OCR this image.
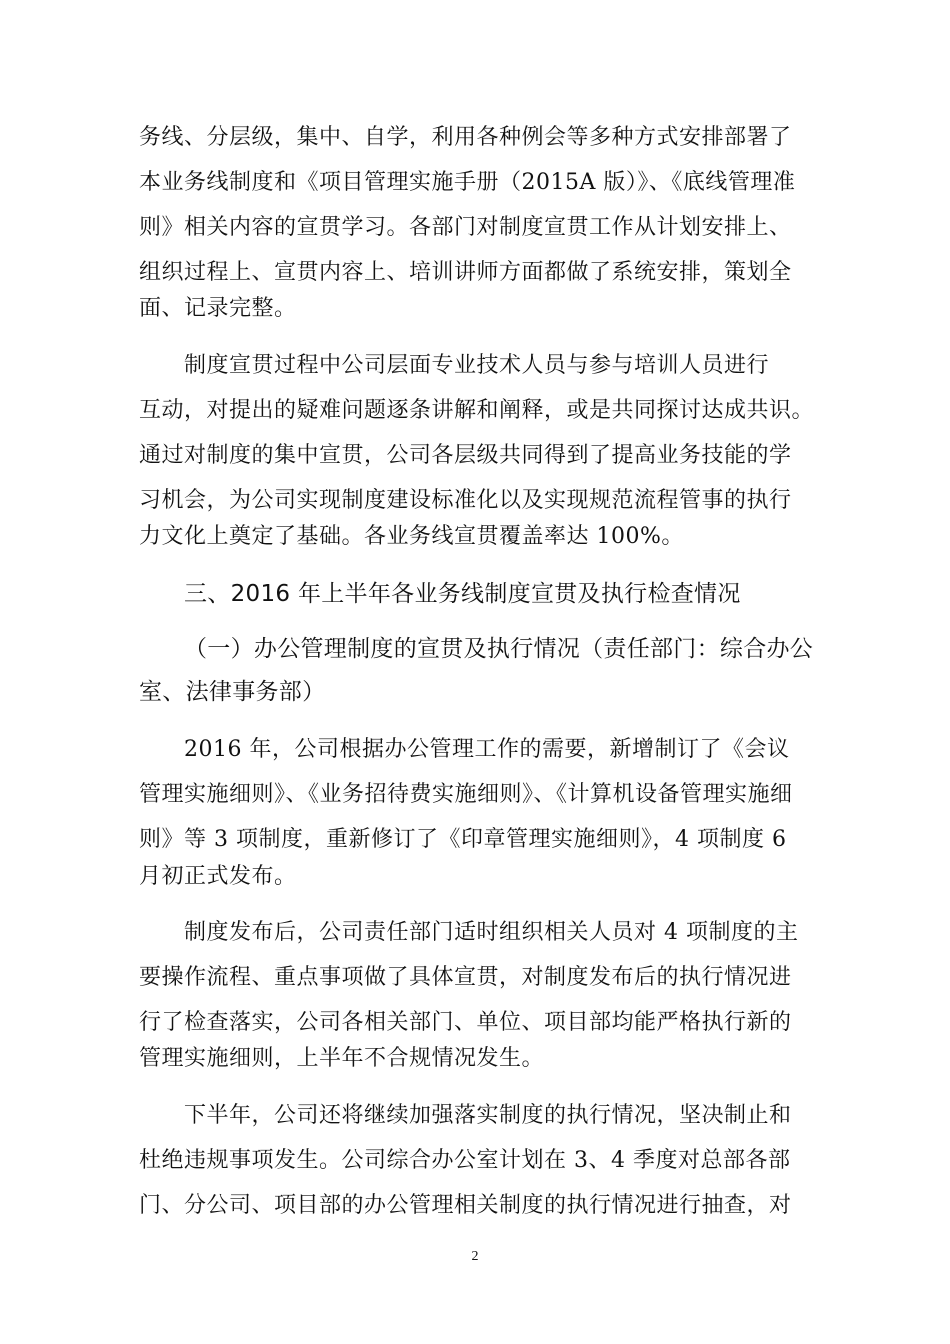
务线、分层级，集中、自学，利用各种例会等多种方式安排部署了
本业务线制度和《项目管理实施手册（2015A 版）》、《底线管理准
则》相关内容的宣贯学习。各部门对制度宣贯工作从计划安排上、
组织过程上、宣贯内容上、培训讲师方面都做了系统安排，策划全
面、记录完整。
制度宣贯过程中公司层面专业技术人员与参与培训人员进行
互动，对提出的疑难问题逐条讲解和阐释，或是共同探讨达成共识。
通过对制度的集中宣贯，公司各层级共同得到了提高业务技能的学
习机会，为公司实现制度建设标准化以及实现规范流程管事的执行
力文化上奠定了基础。各业务线宣贯覆盖率达 100%。
三、2016 年上半年各业务线制度宣贯及执行检查情况
（一）办公管理制度的宣贯及执行情况（责任部门：综合办公
室、法律事务部）
2016 年，公司根据办公管理工作的需要，新增制订了《会议
管理实施细则》、《业务招待费实施细则》、《计算机设备管理实施细
则》等 3 项制度，重新修订了《印章管理实施细则》，4 项制度 6
月初正式发布。
制度发布后，公司责任部门适时组织相关人员对 4 项制度的主
要操作流程、重点事项做了具体宣贯，对制度发布后的执行情况进
行了检查落实，公司各相关部门、单位、项目部均能严格执行新的
管理实施细则，上半年不合规情况发生。
下半年，公司还将继续加强落实制度的执行情况，坚决制止和
杜绝违规事项发生。公司综合办公室计划在 3、4 季度对总部各部
门、分公司、项目部的办公管理相关制度的执行情况进行抽查，对
2
